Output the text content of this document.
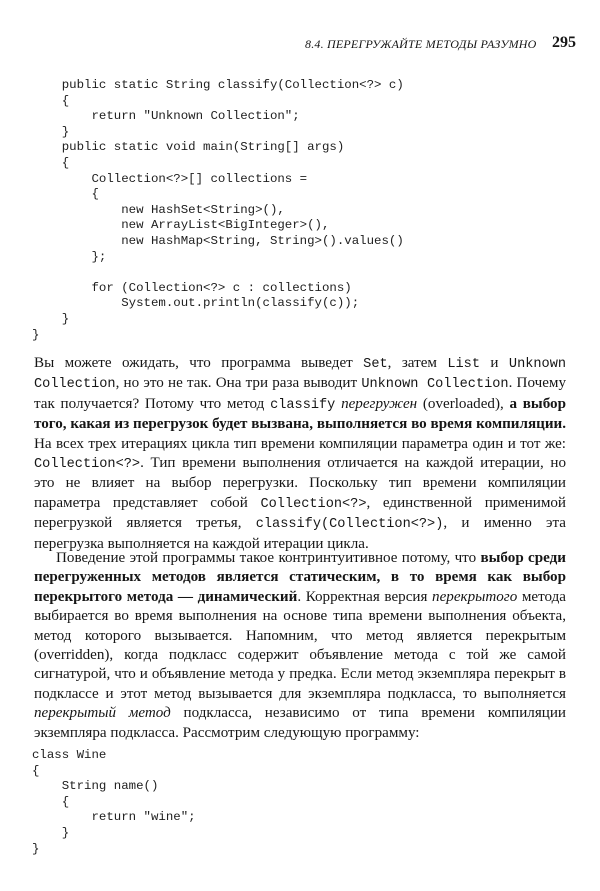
8.4. ПЕРЕГРУЖАЙТЕ МЕТОДЫ РАЗУМНО 295
public static String classify(Collection<?> c)
{
return "Unknown Collection";
}
public static void main(String[] args)
{
Collection<?>[] collections =
{
new HashSet<String>(),
new ArrayList<BigInteger>(),
new HashMap<String, String>().values()
};

for (Collection<?> c : collections)
System.out.println(classify(c));
}
}

Вы можете ожидать, что программа выведет Set, затем List и Unknown Collection, но это не так. Она три раза выводит Unknown Collection. Почему так получается? Потому что метод classify перегружен (overloaded), а выбор того, какая из перегрузок будет вызвана, выполняется во время компиляции. На всех трех итерациях цикла тип времени компиляции параметра один и тот же: Collection<?>. Тип времени выполнения отличается на каждой итерации, но это не влияет на выбор перегрузки. Поскольку тип времени компиляции параметра представляет собой Collection<?>, единственной применимой перегрузкой является третья, classify(Collection<?>), и именно эта перегрузка выполняется на каждой итерации цикла.

Поведение этой программы такое контринтуитивное потому, что выбор среди перегруженных методов является статическим, в то время как выбор перекрытого метода — динамический. Корректная версия перекрытого метода выбирается во время выполнения на основе типа времени выполнения объекта, метод которого вызывается. Напомним, что метод является перекрытым (overridden), когда подкласс содержит объявление метода с той же самой сигнатурой, что и объявление метода у предка. Если метод экземпляра перекрыт в подклассе и этот метод вызывается для экземпляра подкласса, то выполняется перекрытый метод подкласса, независимо от типа времени компиляции экземпляра подкласса. Рассмотрим следующую программу:

class Wine
{
String name()
{
return "wine";
}
}
